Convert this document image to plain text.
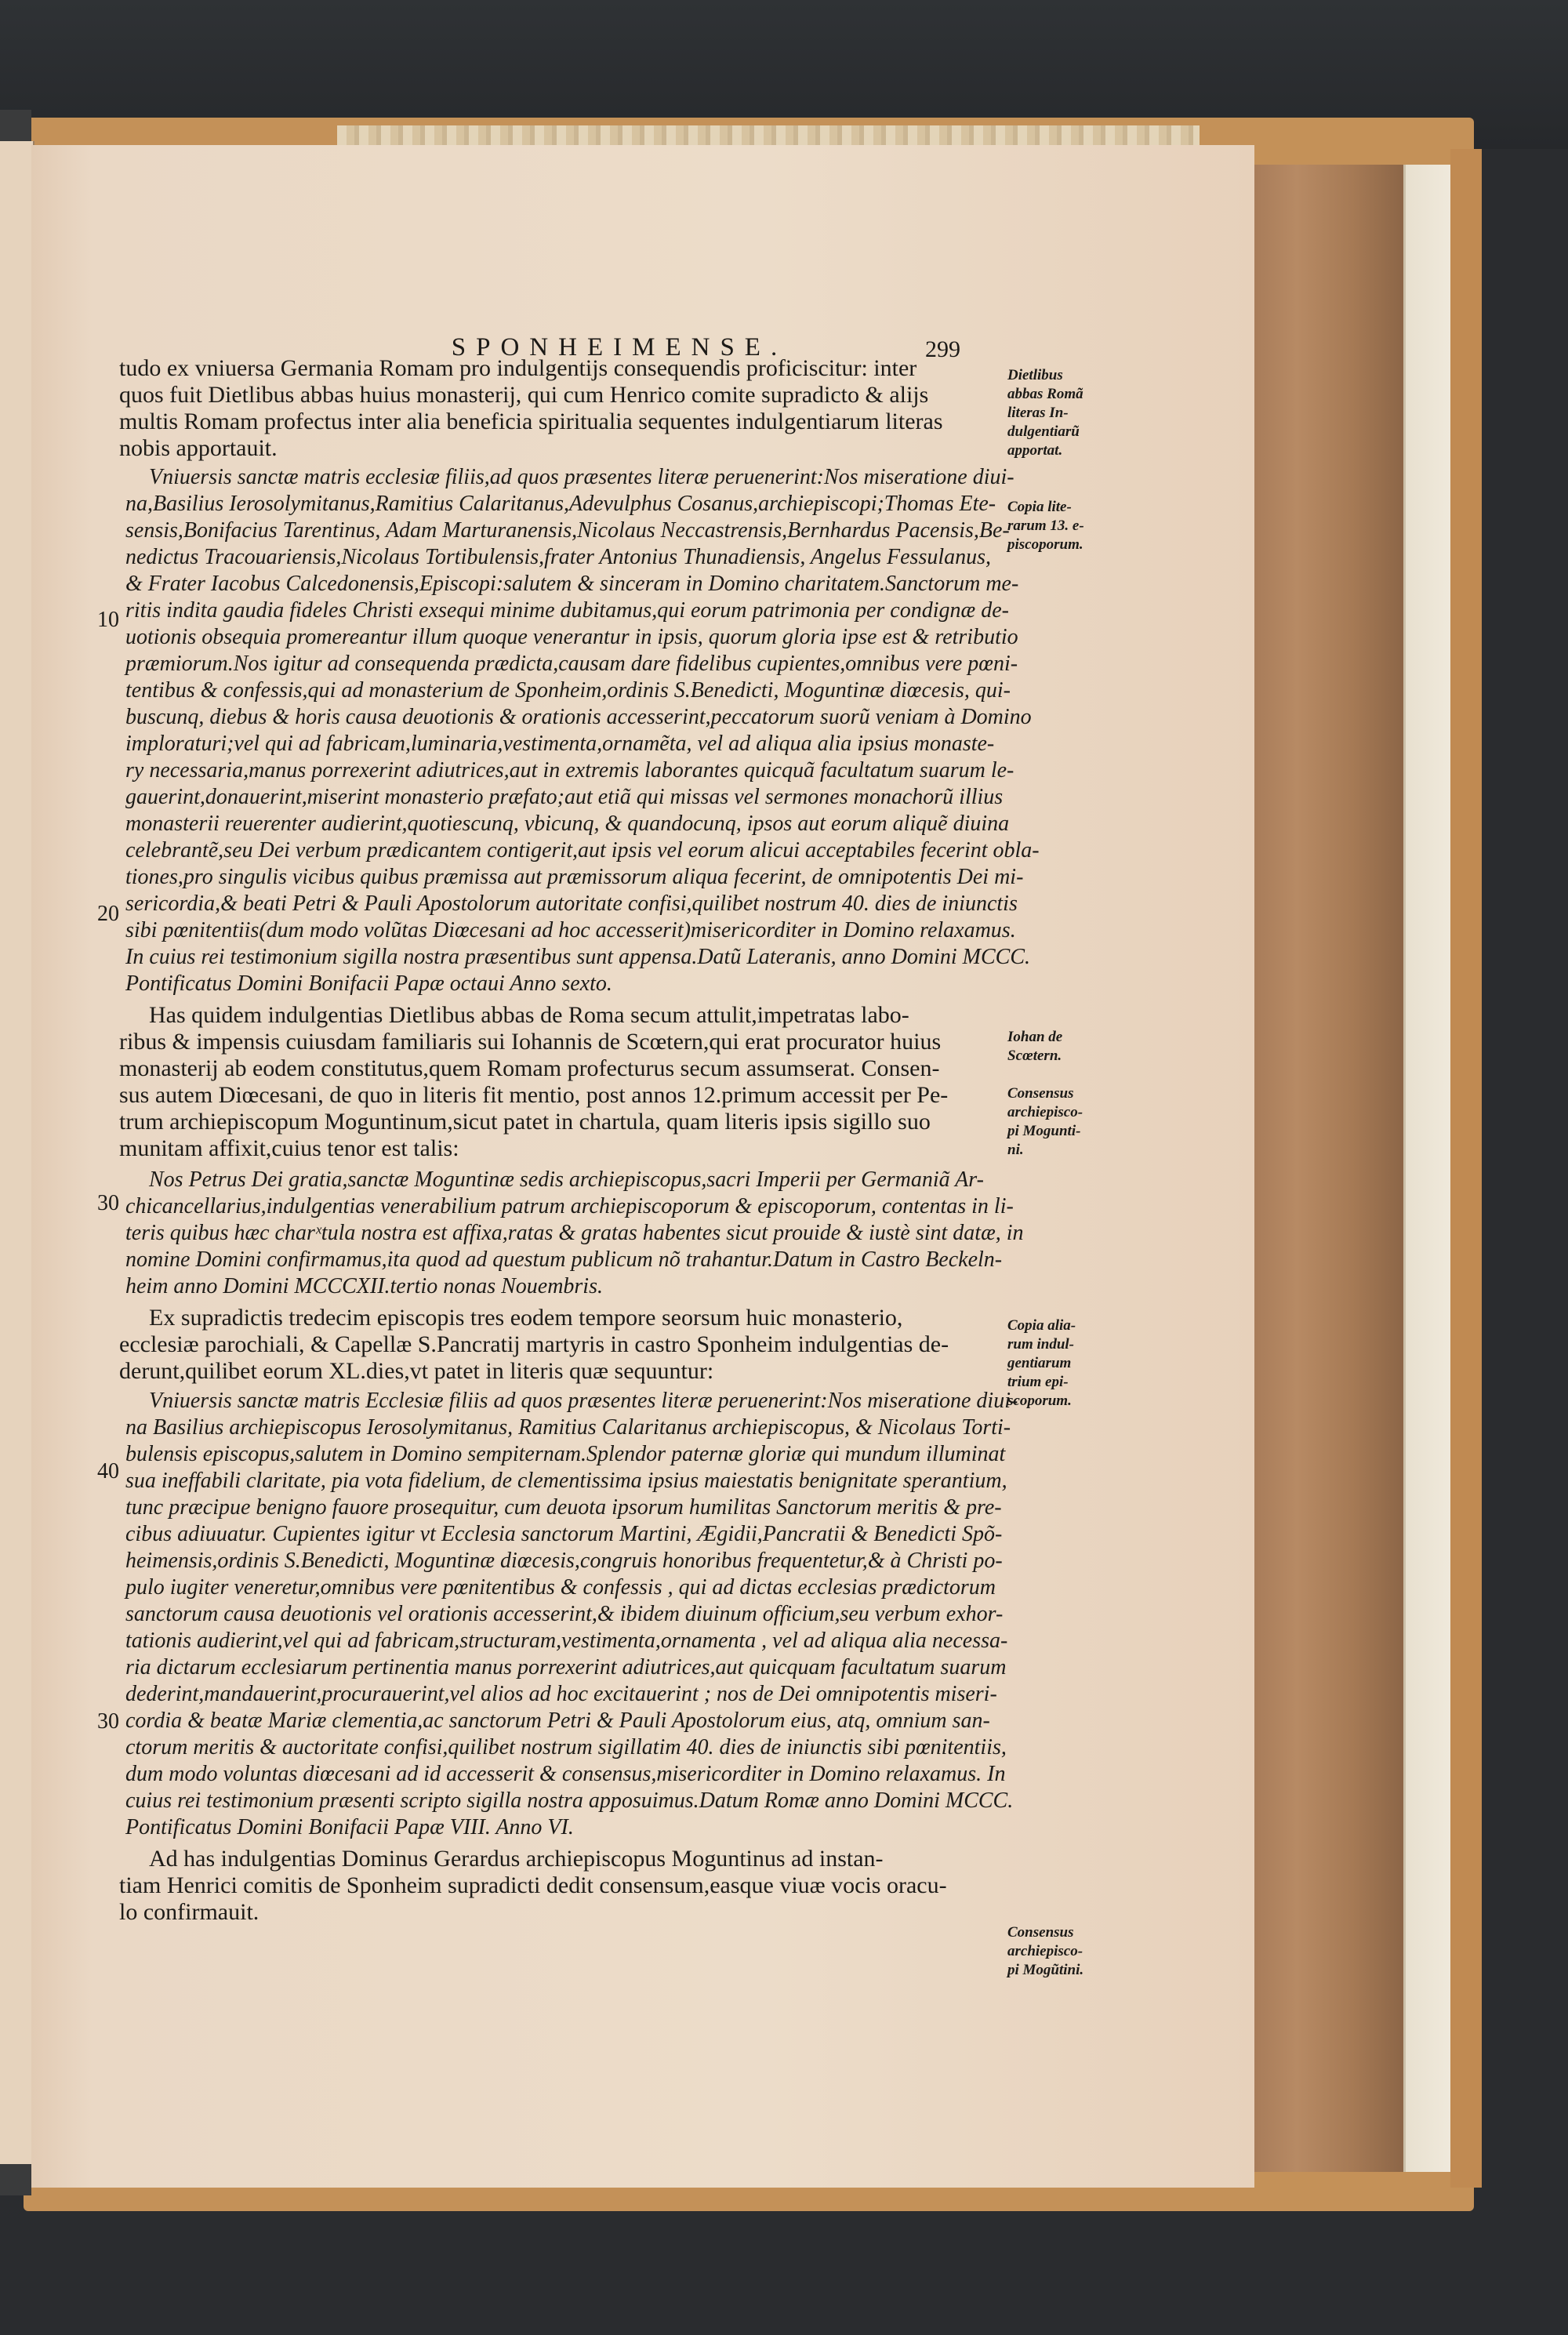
SPONHEIMENSE.	299
10
20
30
40
30
tudo ex vniuersa Germania Romam pro indulgentijs consequendis proficiscitur: inter
quos fuit Dietlibus abbas huius monasterij, qui cum Henrico comite supradicto & alijs
multis Romam profectus inter alia beneficia spiritualia sequentes indulgentiarum literas
nobis apportauit.
Vniuersis sanctæ matris ecclesiæ filiis,ad quos præsentes literæ peruenerint:Nos miseratione diui-
na,Basilius Ierosolymitanus,Ramitius Calaritanus,Adevulphus Cosanus,archiepiscopi;Thomas Ete-
sensis,Bonifacius Tarentinus, Adam Marturanensis,Nicolaus Neccastrensis,Bernhardus Pacensis,Be-
nedictus Tracouariensis,Nicolaus Tortibulensis,frater Antonius Thunadiensis, Angelus Fessulanus,
& Frater Iacobus Calcedonensis,Episcopi:salutem & sinceram in Domino charitatem.Sanctorum me-
ritis indita gaudia fideles Christi exsequi minime dubitamus,qui eorum patrimonia per condignæ de-
uotionis obsequia promereantur illum quoque venerantur in ipsis, quorum gloria ipse est & retributio
præmiorum.Nos igitur ad consequenda prædicta,causam dare fidelibus cupientes,omnibus vere pœni-
tentibus & confessis,qui ad monasterium de Sponheim,ordinis S.Benedicti, Moguntinæ diœcesis, qui-
buscunq, diebus & horis causa deuotionis & orationis accesserint,peccatorum suorũ veniam à Domino
imploraturi;vel qui ad fabricam,luminaria,vestimenta,ornamẽta, vel ad aliqua alia ipsius monaste-
ry necessaria,manus porrexerint adiutrices,aut in extremis laborantes quicquã facultatum suarum le-
gauerint,donauerint,miserint monasterio præfato;aut etiã qui missas vel sermones monachorũ illius
monasterii reuerenter audierint,quotiescunq, vbicunq, & quandocunq, ipsos aut eorum aliquẽ diuina
celebrantẽ,seu Dei verbum prædicantem contigerit,aut ipsis vel eorum alicui acceptabiles fecerint obla-
tiones,pro singulis vicibus quibus præmissa aut præmissorum aliqua fecerint, de omnipotentis Dei mi-
sericordia,& beati Petri & Pauli Apostolorum autoritate confisi,quilibet nostrum 40. dies de iniunctis
sibi pœnitentiis(dum modo volũtas Diœcesani ad hoc accesserit)misericorditer in Domino relaxamus.
In cuius rei testimonium sigilla nostra præsentibus sunt appensa.Datũ Lateranis, anno Domini MCCC.
Pontificatus Domini Bonifacii Papæ octaui Anno sexto.
Has quidem indulgentias Dietlibus abbas de Roma secum attulit,impetratas labo-
ribus & impensis cuiusdam familiaris sui Iohannis de Scœtern,qui erat procurator huius
monasterij ab eodem constitutus,quem Romam profecturus secum assumserat. Consen-
sus autem Diœcesani, de quo in literis fit mentio, post annos 12.primum accessit per Pe-
trum archiepiscopum Moguntinum,sicut patet in chartula, quam literis ipsis sigillo suo
munitam affixit,cuius tenor est talis:
Nos Petrus Dei gratia,sanctæ Moguntinæ sedis archiepiscopus,sacri Imperii per Germaniã Ar-
chicancellarius,indulgentias venerabilium patrum archiepiscoporum & episcoporum, contentas in li-
teris quibus hæc charˣtula nostra est affixa,ratas & gratas habentes sicut prouide & iustè sint datæ, in
nomine Domini confirmamus,ita quod ad questum publicum nõ trahantur.Datum in Castro Beckeln-
heim anno Domini MCCCXII.tertio nonas Nouembris.
Ex supradictis tredecim episcopis tres eodem tempore seorsum huic monasterio,
ecclesiæ parochiali, & Capellæ S.Pancratij martyris in castro Sponheim indulgentias de-
derunt,quilibet eorum XL.dies,vt patet in literis quæ sequuntur:
Vniuersis sanctæ matris Ecclesiæ filiis ad quos præsentes literæ peruenerint:Nos miseratione diui-
na Basilius archiepiscopus Ierosolymitanus, Ramitius Calaritanus archiepiscopus, & Nicolaus Torti-
bulensis episcopus,salutem in Domino sempiternam.Splendor paternæ gloriæ qui mundum illuminat
sua ineffabili claritate, pia vota fidelium, de clementissima ipsius maiestatis benignitate sperantium,
tunc præcipue benigno fauore prosequitur, cum deuota ipsorum humilitas Sanctorum meritis & pre-
cibus adiuuatur. Cupientes igitur vt Ecclesia sanctorum Martini, Ægidii,Pancratii & Benedicti Spõ-
heimensis,ordinis S.Benedicti, Moguntinæ diœcesis,congruis honoribus frequentetur,& à Christi po-
pulo iugiter veneretur,omnibus vere pœnitentibus & confessis , qui ad dictas ecclesias prædictorum
sanctorum causa deuotionis vel orationis accesserint,& ibidem diuinum officium,seu verbum exhor-
tationis audierint,vel qui ad fabricam,structuram,vestimenta,ornamenta , vel ad aliqua alia necessa-
ria dictarum ecclesiarum pertinentia manus porrexerint adiutrices,aut quicquam facultatum suarum
dederint,mandauerint,procurauerint,vel alios ad hoc excitauerint ; nos de Dei omnipotentis miseri-
cordia & beatæ Mariæ clementia,ac sanctorum Petri & Pauli Apostolorum eius, atq, omnium san-
ctorum meritis & auctoritate confisi,quilibet nostrum sigillatim 40. dies de iniunctis sibi pœnitentiis,
dum modo voluntas diœcesani ad id accesserit & consensus,misericorditer in Domino relaxamus. In
cuius rei testimonium præsenti scripto sigilla nostra apposuimus.Datum Romæ anno Domini MCCC.
Pontificatus Domini Bonifacii Papæ VIII. Anno VI.
Ad has indulgentias Dominus Gerardus archiepiscopus Moguntinus ad instan-
tiam Henrici comitis de Sponheim supradicti dedit consensum,easque viuæ vocis oracu-
lo confirmauit.
Dietlibus
abbas Romã
literas In-
dulgentiarũ
apportat.
Copia lite-
rarum 13. e-
piscoporum.
Iohan de
Scœtern.
Consensus
archiepisco-
pi Mogunti-
ni.
Copia alia-
rum indul-
gentiarum
trium epi-
scoporum.
Consensus
archiepisco-
pi Mogũtini.
